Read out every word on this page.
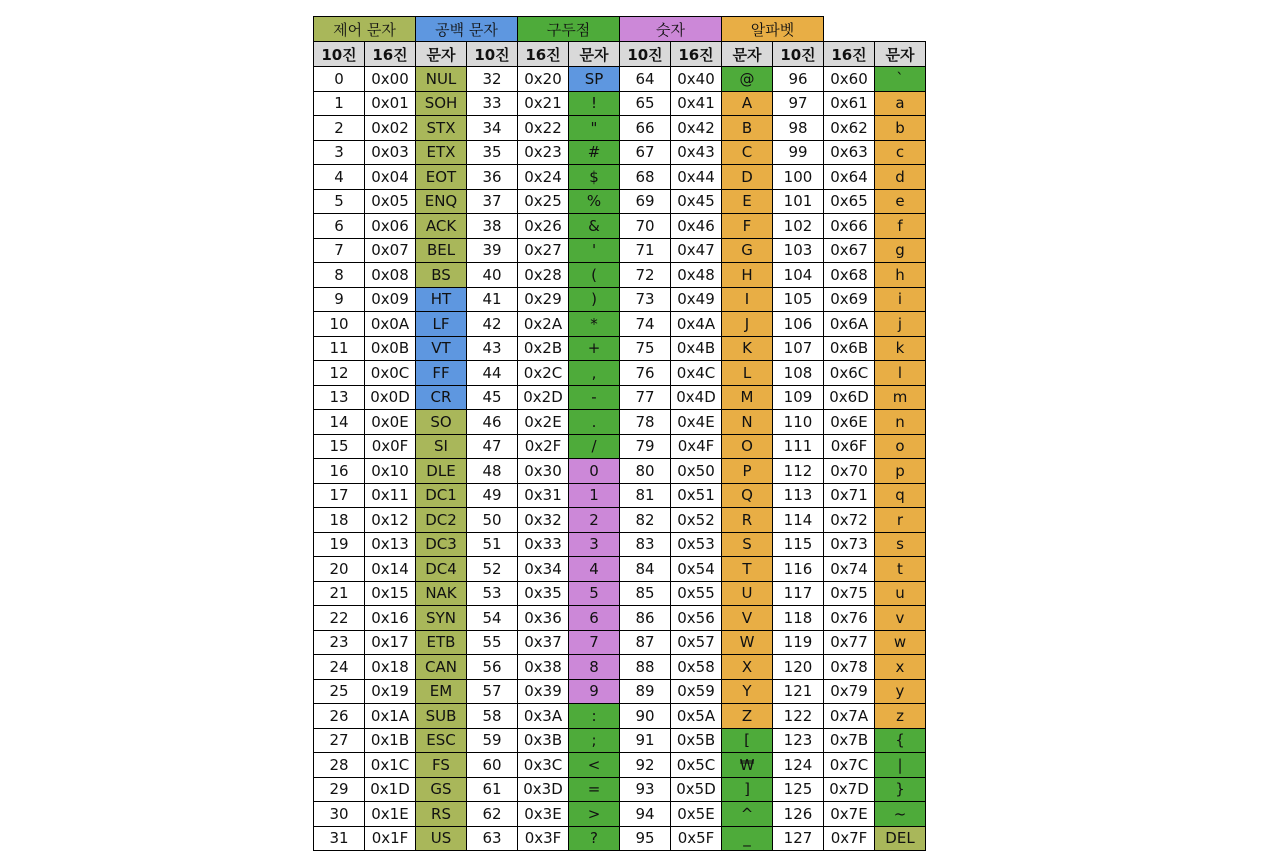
제어 문자		공백 문자		구두점		숫자		알파벳			
10진	16진	문자	10진	16진	문자	10진	16진	문자	10진	16진	문자
0	0x00	NUL	32	0x20	SP	64	0x40	@	96	0x60	`
1	0x01	SOH	33	0x21	!	65	0x41	A	97	0x61	a
2	0x02	STX	34	0x22	"	66	0x42	B	98	0x62	b
3	0x03	ETX	35	0x23	#	67	0x43	C	99	0x63	c
4	0x04	EOT	36	0x24	$	68	0x44	D	100	0x64	d
5	0x05	ENQ	37	0x25	%	69	0x45	E	101	0x65	e
6	0x06	ACK	38	0x26	&	70	0x46	F	102	0x66	f
7	0x07	BEL	39	0x27	'	71	0x47	G	103	0x67	g
8	0x08	BS	40	0x28	(	72	0x48	H	104	0x68	h
9	0x09	HT	41	0x29	)	73	0x49	I	105	0x69	i
10	0x0A	LF	42	0x2A	*	74	0x4A	J	106	0x6A	j
11	0x0B	VT	43	0x2B	+	75	0x4B	K	107	0x6B	k
12	0x0C	FF	44	0x2C	,	76	0x4C	L	108	0x6C	l
13	0x0D	CR	45	0x2D	-	77	0x4D	M	109	0x6D	m
14	0x0E	SO	46	0x2E	.	78	0x4E	N	110	0x6E	n
15	0x0F	SI	47	0x2F	/	79	0x4F	O	111	0x6F	o
16	0x10	DLE	48	0x30	0	80	0x50	P	112	0x70	p
17	0x11	DC1	49	0x31	1	81	0x51	Q	113	0x71	q
18	0x12	DC2	50	0x32	2	82	0x52	R	114	0x72	r
19	0x13	DC3	51	0x33	3	83	0x53	S	115	0x73	s
20	0x14	DC4	52	0x34	4	84	0x54	T	116	0x74	t
21	0x15	NAK	53	0x35	5	85	0x55	U	117	0x75	u
22	0x16	SYN	54	0x36	6	86	0x56	V	118	0x76	v
23	0x17	ETB	55	0x37	7	87	0x57	W	119	0x77	w
24	0x18	CAN	56	0x38	8	88	0x58	X	120	0x78	x
25	0x19	EM	57	0x39	9	89	0x59	Y	121	0x79	y
26	0x1A	SUB	58	0x3A	:	90	0x5A	Z	122	0x7A	z
27	0x1B	ESC	59	0x3B	;	91	0x5B	[	123	0x7B	{
28	0x1C	FS	60	0x3C	<	92	0x5C	₩	124	0x7C	|
29	0x1D	GS	61	0x3D	=	93	0x5D	]	125	0x7D	}
30	0x1E	RS	62	0x3E	>	94	0x5E	^	126	0x7E	~
31	0x1F	US	63	0x3F	?	95	0x5F	_	127	0x7F	DEL
